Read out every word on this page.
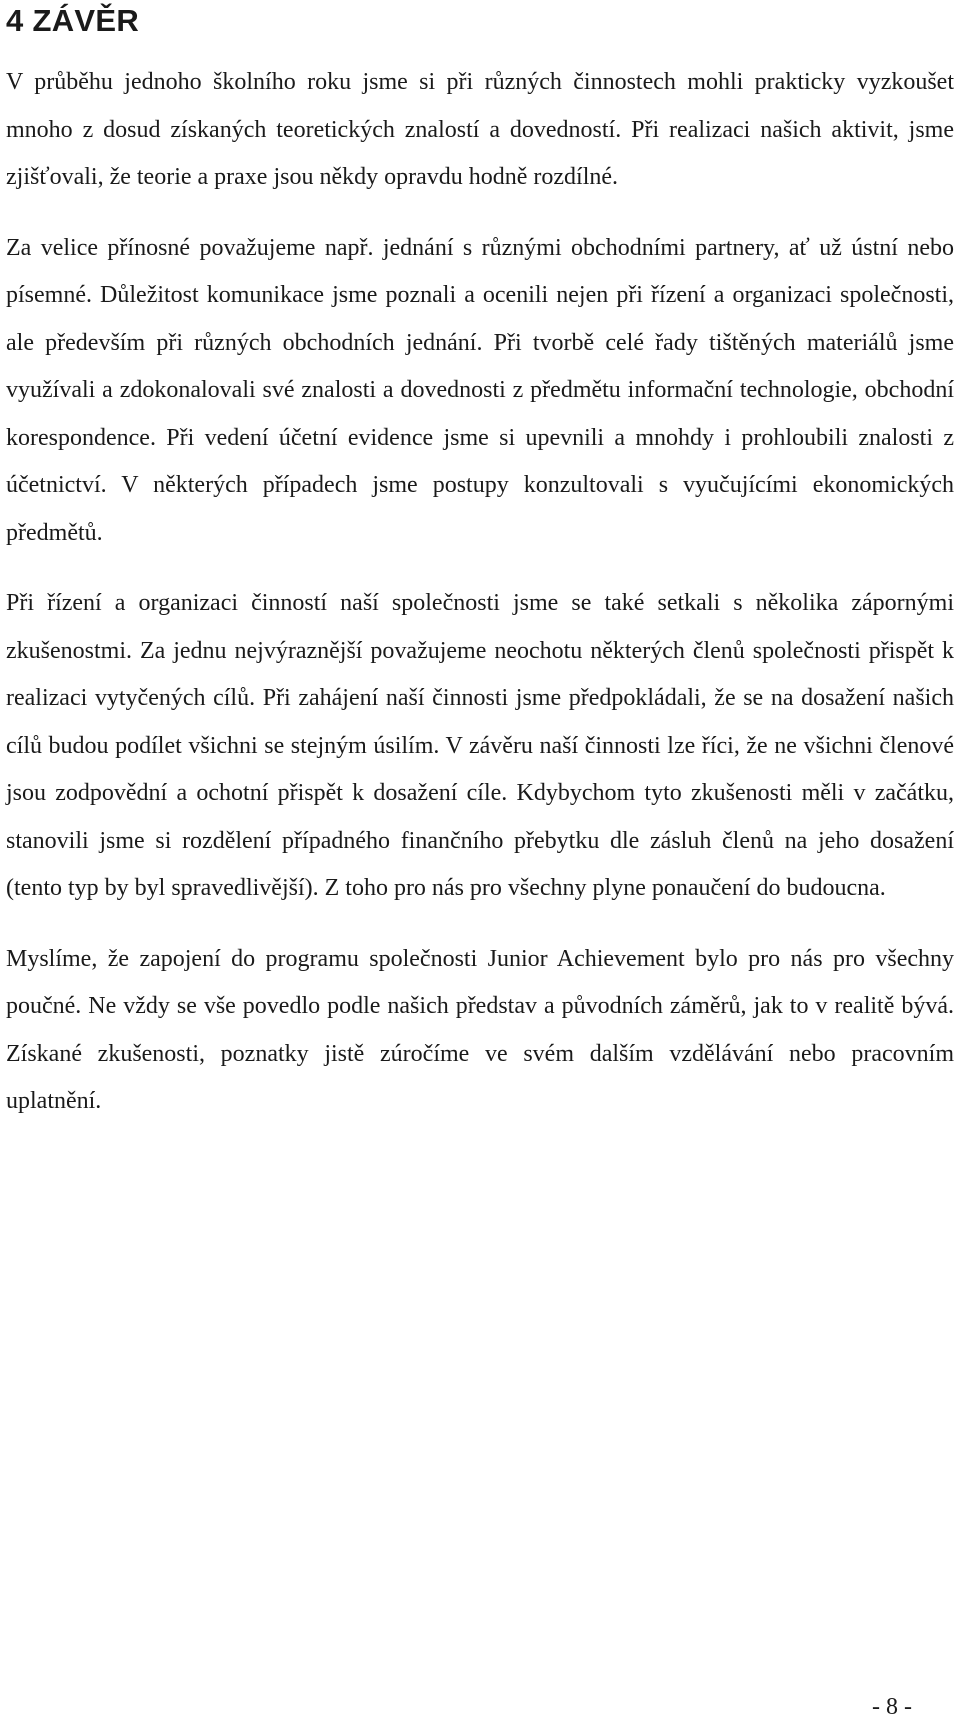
4 ZÁVĚR

V průběhu jednoho školního roku jsme si při různých činnostech mohli prakticky vyzkoušet mnoho z dosud získaných teoretických znalostí a dovedností. Při realizaci našich aktivit, jsme zjišťovali, že teorie a praxe jsou někdy opravdu hodně rozdílné.

Za velice přínosné považujeme např. jednání s různými obchodními partnery, ať už ústní nebo písemné. Důležitost komunikace jsme poznali a ocenili nejen při řízení a organizaci společnosti, ale především při různých obchodních jednání. Při tvorbě celé řady tištěných materiálů jsme využívali a zdokonalovali své znalosti a dovednosti z předmětu informační technologie, obchodní korespondence. Při vedení účetní evidence jsme si upevnili a mnohdy i prohloubili znalosti z účetnictví. V některých případech jsme postupy konzultovali s vyučujícími ekonomických předmětů.

Při řízení a organizaci činností naší společnosti jsme se také setkali s několika zápornými zkušenostmi. Za jednu nejvýraznější považujeme neochotu některých členů společnosti přispět k realizaci vytyčených cílů. Při zahájení naší činnosti jsme předpokládali, že se na dosažení našich cílů budou podílet všichni se stejným úsilím. V závěru naší činnosti lze říci, že ne všichni členové jsou zodpovědní a ochotní přispět k dosažení cíle. Kdybychom tyto zkušenosti měli v začátku, stanovili jsme si rozdělení případného finančního přebytku dle zásluh členů na jeho dosažení (tento typ by byl spravedlivější). Z toho pro nás pro všechny plyne ponaučení do budoucna.

Myslíme, že zapojení do programu společnosti Junior Achievement bylo pro nás pro všechny poučné. Ne vždy se vše povedlo podle našich představ a původních záměrů, jak to v realitě bývá. Získané zkušenosti, poznatky jistě zúročíme ve svém dalším vzdělávání nebo pracovním uplatnění.

- 8 -
